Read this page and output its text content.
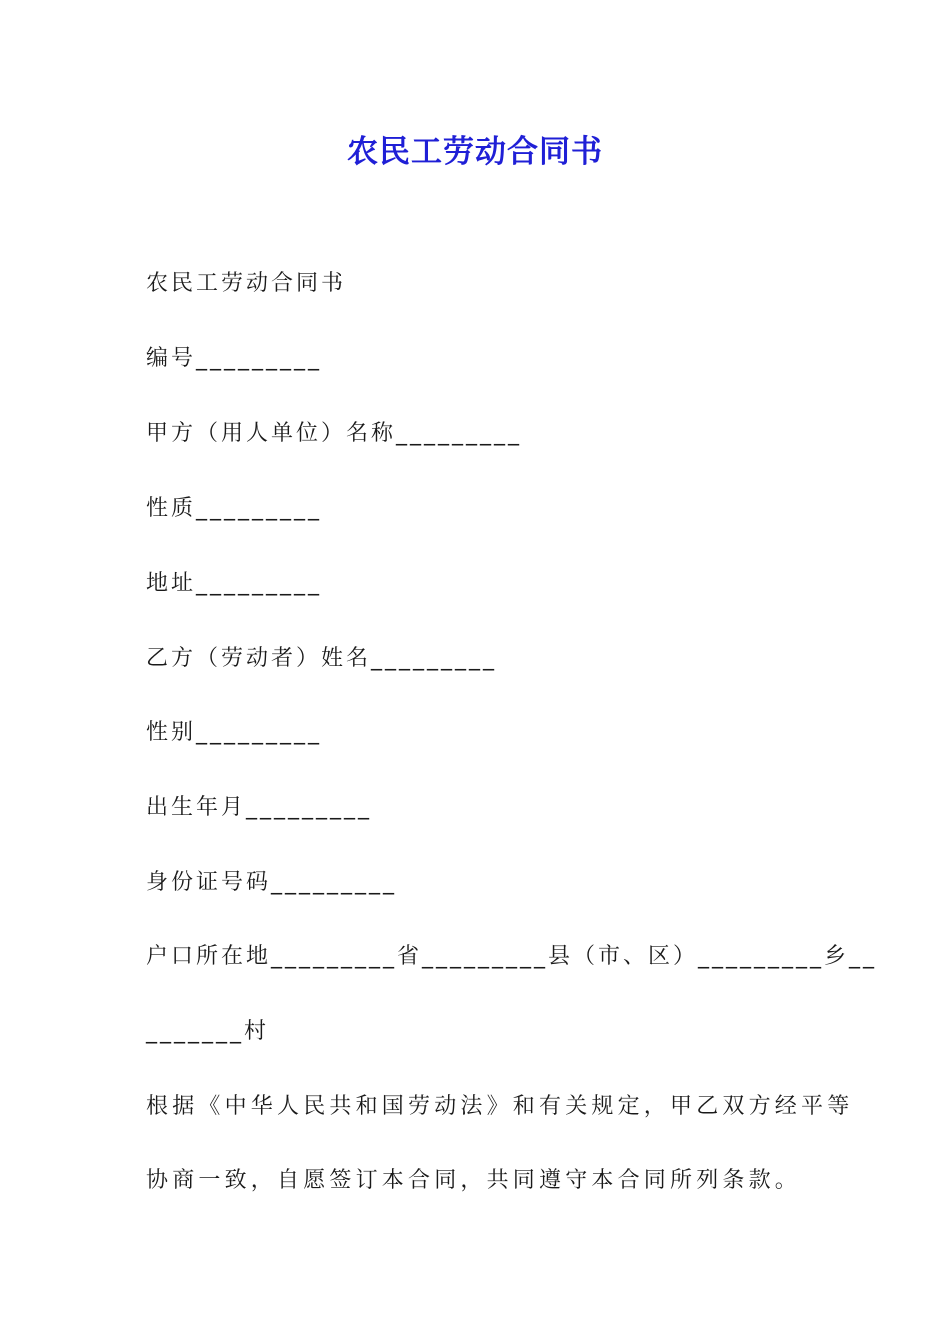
农民工劳动合同书
农民工劳动合同书
编号_________
甲方（用人单位）名称_________
性质_________
地址_________
乙方（劳动者）姓名_________
性别_________
出生年月_________
身份证号码_________
户口所在地_________省_________县（市、区）_________乡__
_______村
根据《中华人民共和国劳动法》和有关规定，甲乙双方经平等
协商一致，自愿签订本合同，共同遵守本合同所列条款。
